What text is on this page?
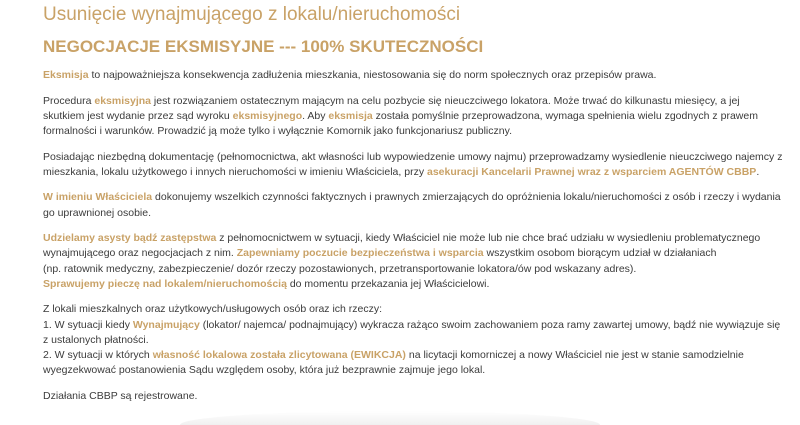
Usunięcie wynajmującego z lokalu/nieruchomości
NEGOCJACJE EKSMISYJNE --- 100% SKUTECZNOŚCI

Eksmisja to najpoważniejsza konsekwencja zadłużenia mieszkania, niestosowania się do norm społecznych oraz przepisów prawa.

Procedura eksmisyjna jest rozwiązaniem ostatecznym mającym na celu pozbycie się nieuczciwego lokatora. Może trwać do kilkunastu miesięcy, a jej skutkiem jest wydanie przez sąd wyroku eksmisyjnego. Aby eksmisja została pomyślnie przeprowadzona, wymaga spełnienia wielu zgodnych z prawem formalności i warunków. Prowadzić ją może tylko i wyłącznie Komornik jako funkcjonariusz publiczny.

Posiadając niezbędną dokumentację (pełnomocnictwa, akt własności lub wypowiedzenie umowy najmu) przeprowadzamy wysiedlenie nieuczciwego najemcy z mieszkania, lokalu użytkowego i innych nieruchomości w imieniu Właściciela, przy asekuracji Kancelarii Prawnej wraz z wsparciem AGENTÓW CBBP.

W imieniu Właściciela dokonujemy wszelkich czynności faktycznych i prawnych zmierzających do opróżnienia lokalu/nieruchomości z osób i rzeczy i wydania go uprawnionej osobie.

Udzielamy asysty bądź zastępstwa z pełnomocnictwem w sytuacji, kiedy Właściciel nie może lub nie chce brać udziału w wysiedleniu problematycznego wynajmującego oraz negocjacjach z nim. Zapewniamy poczucie bezpieczeństwa i wsparcia wszystkim osobom biorącym udział w działaniach
(np. ratownik medyczny, zabezpieczenie/ dozór rzeczy pozostawionych, przetransportowanie lokatora/ów pod wskazany adres).
Sprawujemy pieczę nad lokalem/nieruchomością do momentu przekazania jej Właścicielowi.

Z lokali mieszkalnych oraz użytkowych/usługowych osób oraz ich rzeczy:
1. W sytuacji kiedy Wynajmujący (lokator/ najemca/ podnajmujący) wykracza rażąco swoim zachowaniem poza ramy zawartej umowy, bądź nie wywiązuje się z ustalonych płatności.
2. W sytuacji w których własność lokalowa została zlicytowana (EWIKCJA) na licytacji komorniczej a nowy Właściciel nie jest w stanie samodzielnie wyegzekwować postanowienia Sądu względem osoby, która już bezprawnie zajmuje jego lokal.

Działania CBBP są rejestrowane.
